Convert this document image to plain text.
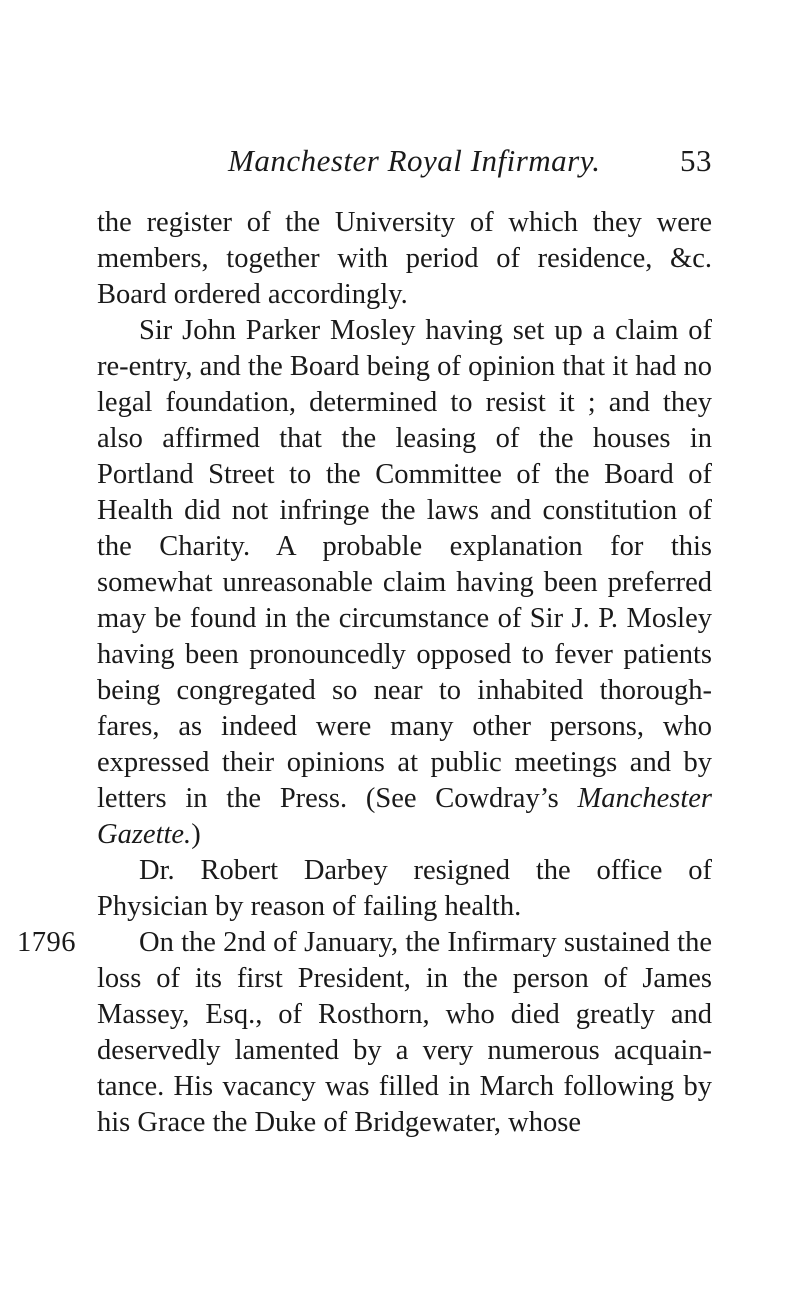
Manchester Royal Infirmary.	53

the register of the University of which they were members, together with period of residence, &c. Board ordered accordingly.

Sir John Parker Mosley having set up a claim of re-entry, and the Board being of opinion that it had no legal foundation, determined to resist it ; and they also affirmed that the leasing of the houses in Portland Street to the Committee of the Board of Health did not infringe the laws and constitution of the Charity. A probable explanation for this somewhat unreasonable claim having been preferred may be found in the circumstance of Sir J. P. Mosley having been pronouncedly opposed to fever patients being congregated so near to inhabited thorough-fares, as indeed were many other persons, who expressed their opinions at public meetings and by letters in the Press. (See Cowdray’s Manchester Gazette.)

Dr. Robert Darbey resigned the office of Physician by reason of failing health.

1796	On the 2nd of January, the Infirmary sustained the loss of its first President, in the person of James Massey, Esq., of Rosthorn, who died greatly and deservedly lamented by a very numerous acquain-tance. His vacancy was filled in March following by his Grace the Duke of Bridgewater, whose
